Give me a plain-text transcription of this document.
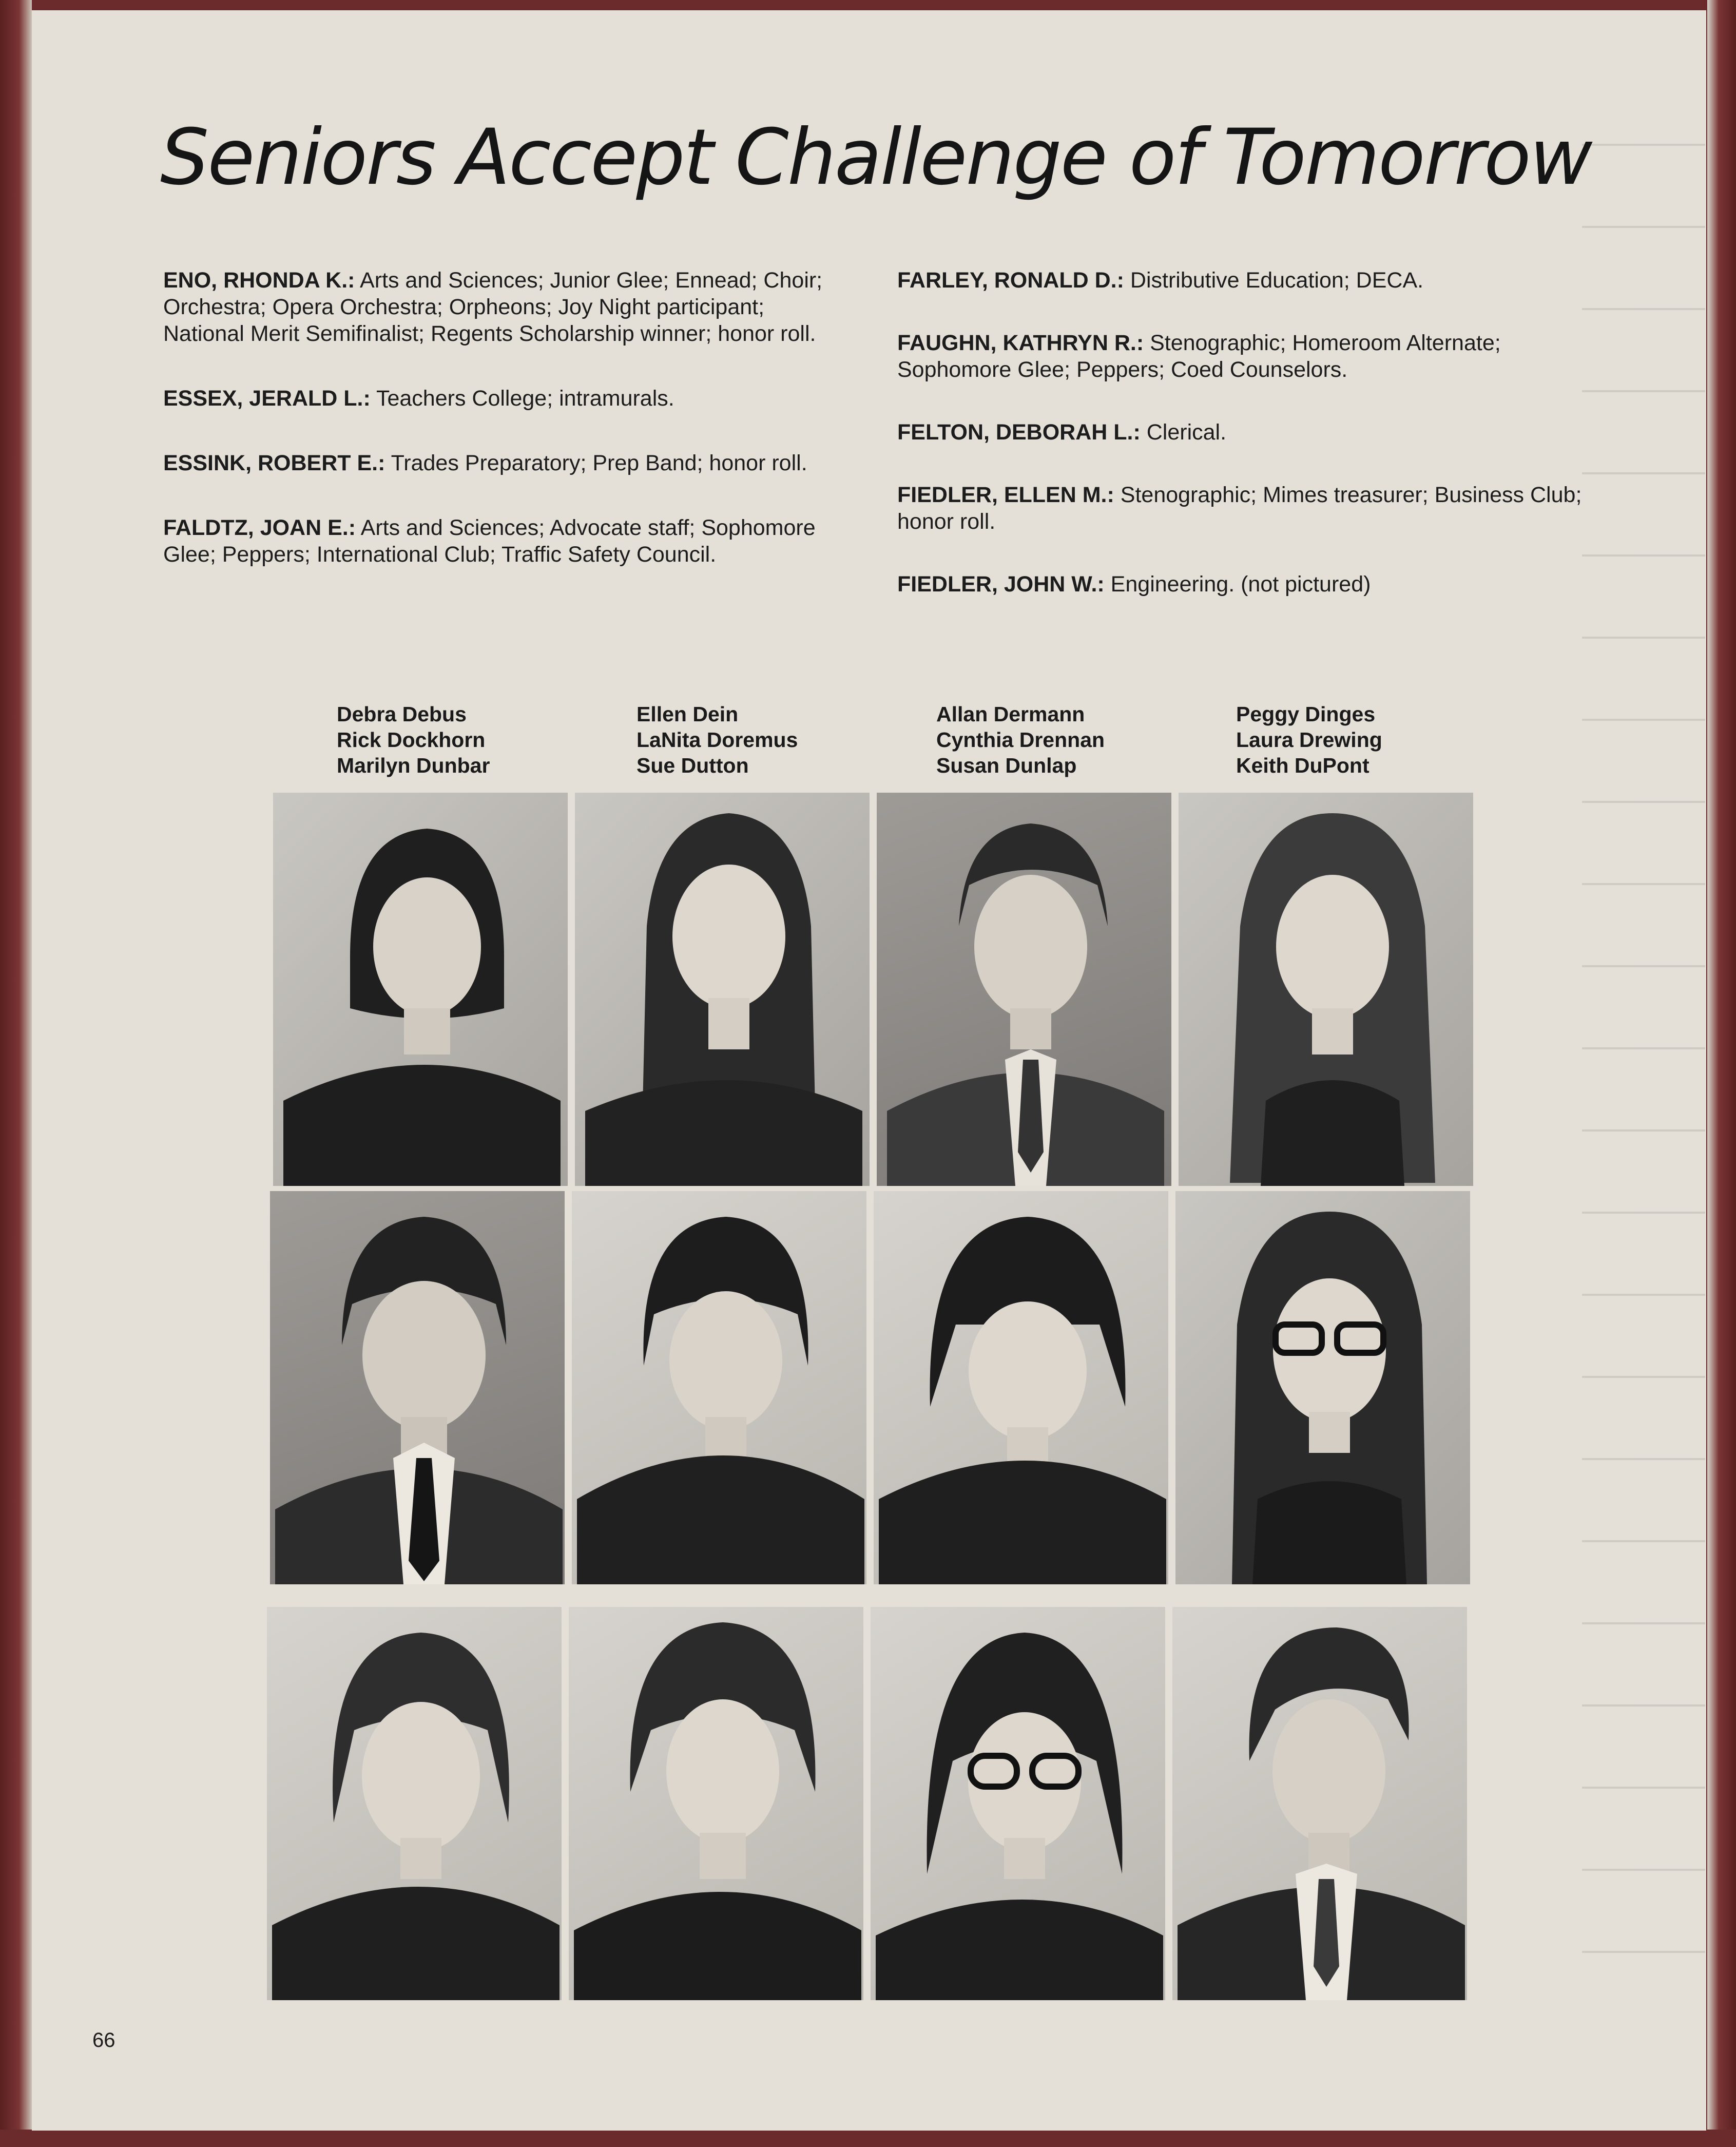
Seniors Accept Challenge of Tomorrow

ENO, RHONDA K.: Arts and Sciences; Junior Glee; Ennead; Choir; Orchestra; Opera Orchestra; Orpheons; Joy Night participant; National Merit Semifinalist; Regents Scholarship winner; honor roll.

ESSEX, JERALD L.: Teachers College; intramurals.

ESSINK, ROBERT E.: Trades Preparatory; Prep Band; honor roll.

FALDTZ, JOAN E.: Arts and Sciences; Advocate staff; Sophomore Glee; Peppers; International Club; Traffic Safety Council.

FARLEY, RONALD D.: Distributive Education; DECA.

FAUGHN, KATHRYN R.: Stenographic; Homeroom Alternate; Sophomore Glee; Peppers; Coed Counselors.

FELTON, DEBORAH L.: Clerical.

FIEDLER, ELLEN M.: Stenographic; Mimes treasurer; Business Club; honor roll.

FIEDLER, JOHN W.: Engineering. (not pictured)

Debra Debus
Rick Dockhorn
Marilyn Dunbar
Ellen Dein
LaNita Doremus
Sue Dutton
Allan Dermann
Cynthia Drennan
Susan Dunlap
Peggy Dinges
Laura Drewing
Keith DuPont
66
